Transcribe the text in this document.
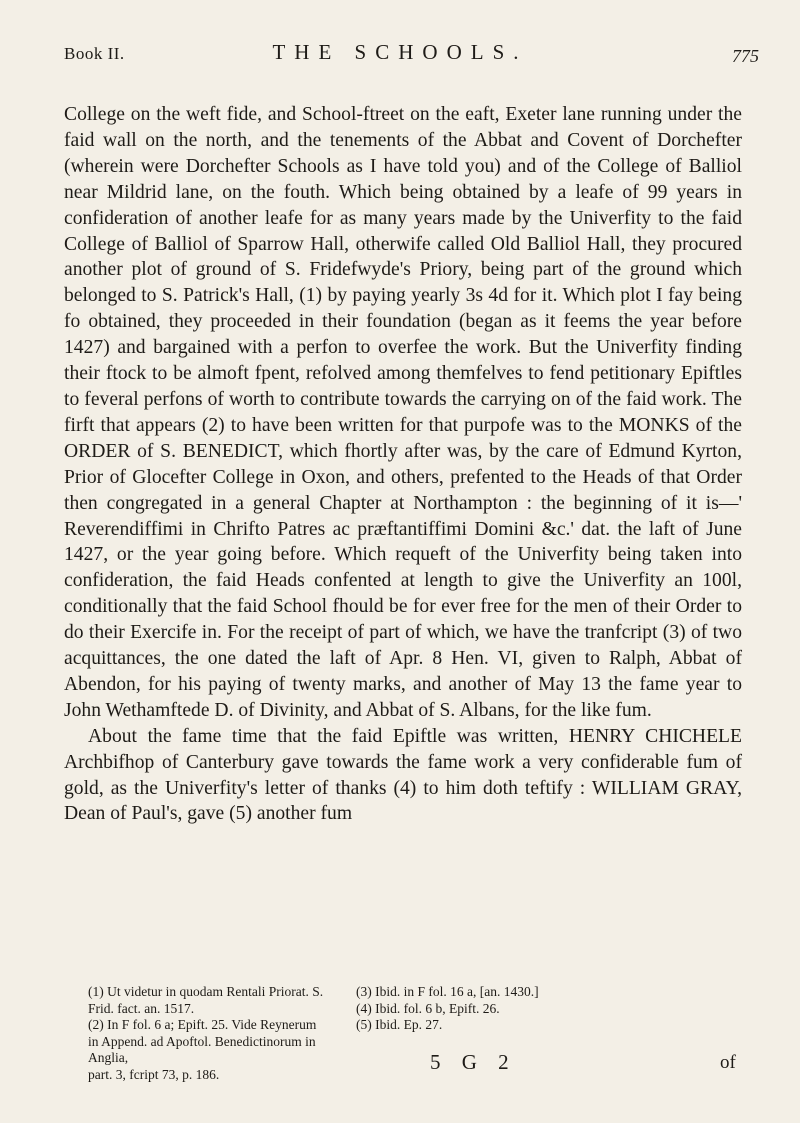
Book II.	THE SCHOOLS.	775

College on the weft fide, and School-ftreet on the eaft, Exeter lane running under the faid wall on the north, and the tenements of the Abbat and Covent of Dorchefter (wherein were Dorchefter Schools as I have told you) and of the College of Balliol near Mildrid lane, on the fouth. Which being obtained by a leafe of 99 years in confideration of another leafe for as many years made by the Univerfity to the faid College of Balliol of Sparrow Hall, otherwife called Old Balliol Hall, they procured another plot of ground of S. Fridefwyde's Priory, being part of the ground which belonged to S. Patrick's Hall, (1) by paying yearly 3s 4d for it. Which plot I fay being fo obtained, they proceeded in their foundation (began as it feems the year before 1427) and bargained with a perfon to overfee the work. But the Univerfity finding their ftock to be almoft fpent, refolved among themfelves to fend petitionary Epiftles to feveral perfons of worth to contribute towards the carrying on of the faid work. The firft that appears (2) to have been written for that purpofe was to the MONKS of the ORDER of S. BENEDICT, which fhortly after was, by the care of Edmund Kyrton, Prior of Glocefter College in Oxon, and others, prefented to the Heads of that Order then congregated in a general Chapter at Northampton : the beginning of it is—' Reverendiffimi in Chrifto Patres ac præftantiffimi Domini &c.' dat. the laft of June 1427, or the year going before. Which requeft of the Univerfity being taken into confideration, the faid Heads confented at length to give the Univerfity an 100l, conditionally that the faid School fhould be for ever free for the men of their Order to do their Exercife in. For the receipt of part of which, we have the tranfcript (3) of two acquittances, the one dated the laft of Apr. 8 Hen. VI, given to Ralph, Abbat of Abendon, for his paying of twenty marks, and another of May 13 the fame year to John Wethamftede D. of Divinity, and Abbat of S. Albans, for the like fum.

About the fame time that the faid Epiftle was written, HENRY CHICHELE Archbifhop of Canterbury gave towards the fame work a very confiderable fum of gold, as the Univerfity's letter of thanks (4) to him doth teftify : WILLIAM GRAY, Dean of Paul's, gave (5) another fum

(1) Ut videtur in quodam Rentali Priorat. S.
Frid. fact. an. 1517.

(2) In F fol. 6 a; Epift. 25. Vide Reynerum
in Append. ad Apoftol. Benedictinorum in Anglia,
part. 3, fcript 73, p. 186.

(3) Ibid. in F fol. 16 a, [an. 1430.]

(4) Ibid. fol. 6 b, Epift. 26.

(5) Ibid. Ep. 27.

5 G 2	of
